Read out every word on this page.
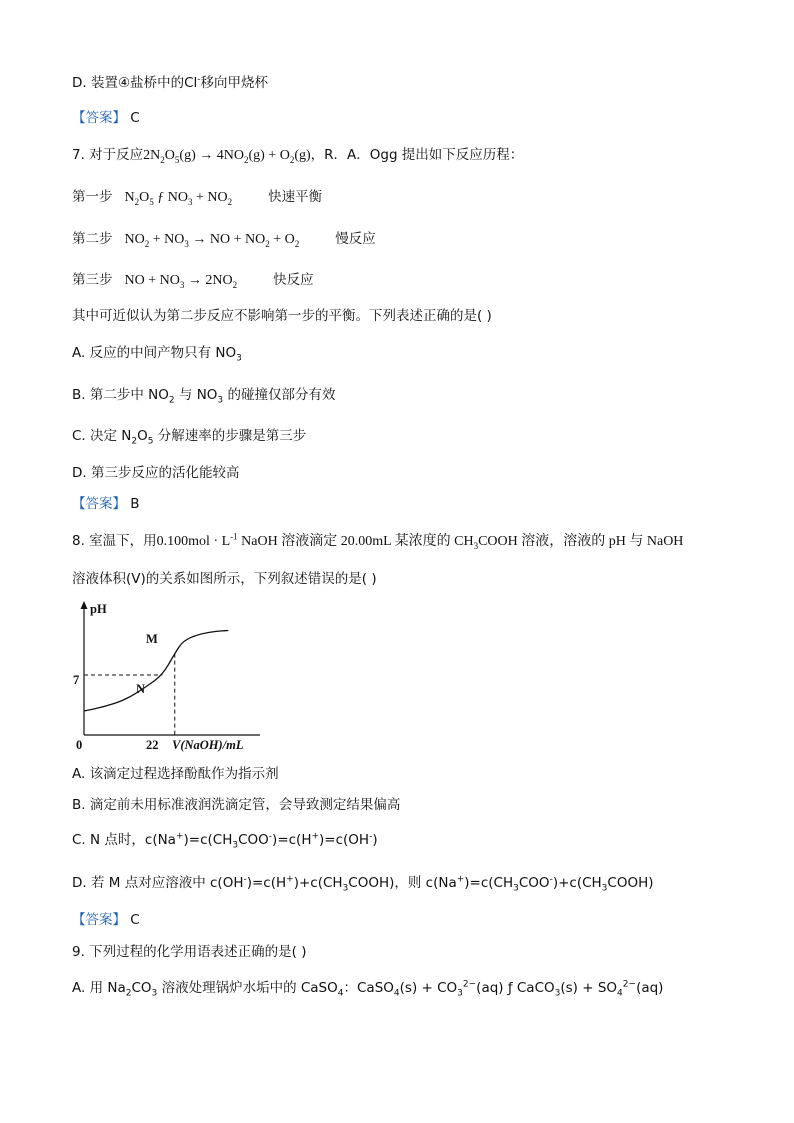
D. 装置④盐桥中的Cl-移向甲烧杯
【答案】 C
7. 对于反应$2N_2O_5(g) \to 4NO_2(g) + O_2(g)$，R．A．Ogg 提出如下反应历程：
第一步 $N_2O_5$ ƒ $NO_3 + NO_2$	快速平衡
第二步 $NO_2 + NO_3$ → NO + $NO_2 + O_2$	慢反应
第三步 NO + $NO_3 \to 2NO_2$	快反应
其中可近似认为第二步反应不影响第一步的平衡。下列表述正确的是( )
A. 反应的中间产物只有 $NO_3$
B. 第二步中 $NO_2$ 与 $NO_3$ 的碰撞仅部分有效
C. 决定 $N_2O_5$ 分解速率的步骤是第三步
D. 第三步反应的活化能较高
【答案】 B
8. 室温下，用$0.100mol \cdot L^{-1}$ NaOH 溶液滴定 20.00mL 某浓度的 $CH_3COOH$ 溶液，溶液的 pH 与 NaOH
溶液体积(V)的关系如图所示，下列叙述错误的是( )
pH
V(NaOH)/mL
0	22
7
M
N
A. 该滴定过程选择酚酞作为指示剂
B. 滴定前未用标准液润洗滴定管，会导致测定结果偏高
C. N 点时，$c(Na^+)=c(CH_3COO^-)=c(H^+)=c(OH^-)$
D. 若 M 点对应溶液中 $c(OH^-)=c(H^+)+c(CH_3COOH)$，则 $c(Na^+)=c(CH_3COO^-)+c(CH_3COOH)$
【答案】 C
9. 下列过程的化学用语表述正确的是( )
A. 用 $Na_2CO_3$ 溶液处理锅炉水垢中的 CaSO$_4$：CaSO$_4$(s) + $CO_3^{2-}(aq)$ ƒ CaCO$_3$(s) + $SO_4^{2-}(aq)$
